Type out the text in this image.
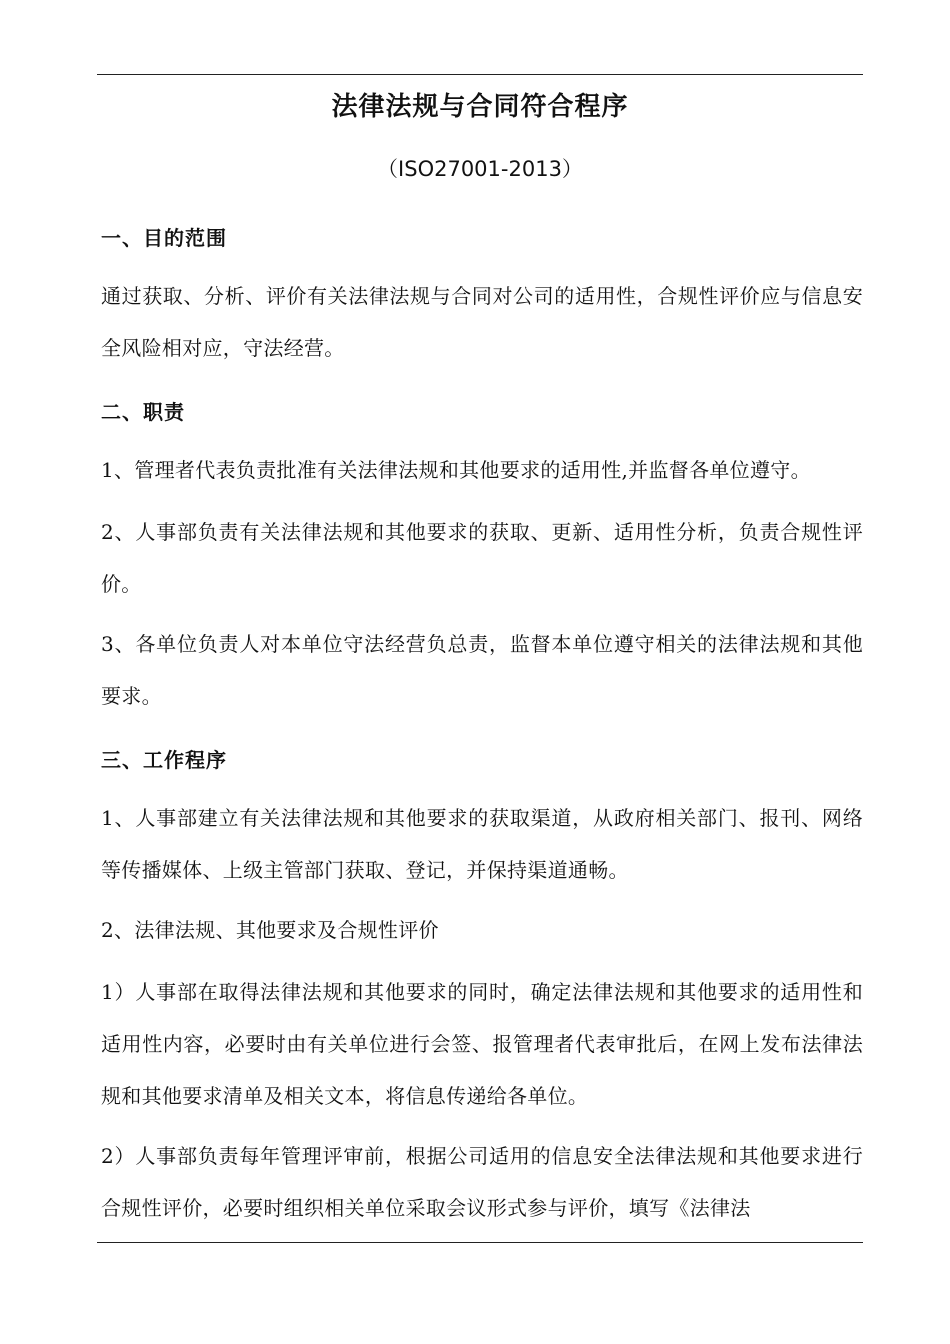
法律法规与合同符合程序
（ISO27001-2013）
一、目的范围
通过获取、分析、评价有关法律法规与合同对公司的适用性，合规性评价应与信息安全风险相对应，守法经营。
二、职责
1、管理者代表负责批准有关法律法规和其他要求的适用性,并监督各单位遵守。
2、人事部负责有关法律法规和其他要求的获取、更新、适用性分析，负责合规性评价。
3、各单位负责人对本单位守法经营负总责，监督本单位遵守相关的法律法规和其他要求。
三、工作程序
1、人事部建立有关法律法规和其他要求的获取渠道，从政府相关部门、报刊、网络等传播媒体、上级主管部门获取、登记，并保持渠道通畅。
2、法律法规、其他要求及合规性评价
1）人事部在取得法律法规和其他要求的同时，确定法律法规和其他要求的适用性和适用性内容，必要时由有关单位进行会签、报管理者代表审批后，在网上发布法律法规和其他要求清单及相关文本，将信息传递给各单位。
2）人事部负责每年管理评审前，根据公司适用的信息安全法律法规和其他要求进行合规性评价，必要时组织相关单位采取会议形式参与评价，填写《法律法
